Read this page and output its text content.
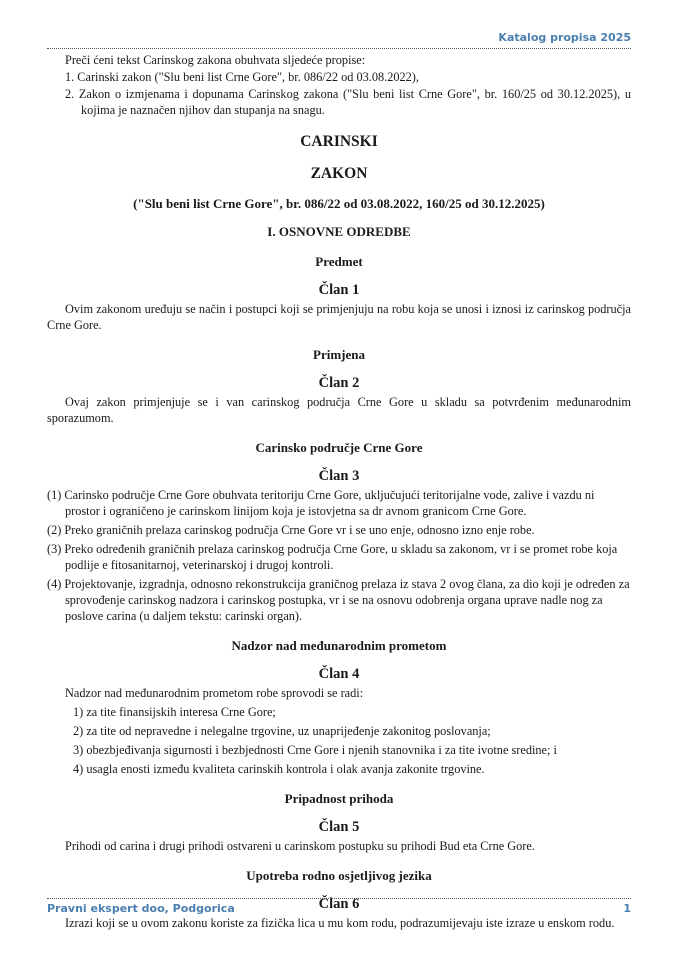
Katalog propisa 2025

Preči ćeni tekst Carinskog zakona obuhvata sljedeće propise:

1. Carinski zakon ("Slu beni list Crne Gore", br. 086/22 od 03.08.2022),

2. Zakon o izmjenama i dopunama Carinskog zakona ("Slu beni list Crne Gore", br. 160/25 od 30.12.2025), u kojima je naznačen njihov dan stupanja na snagu.

CARINSKI
ZAKON
("Slu beni list Crne Gore", br. 086/22 od 03.08.2022, 160/25 od 30.12.2025)
I. OSNOVNE ODREDBE
Predmet
Član 1

Ovim zakonom uređuju se način i postupci koji se primjenjuju na robu koja se unosi i iznosi iz carinskog područja Crne Gore.

Primjena
Član 2

Ovaj zakon primjenjuje se i van carinskog područja Crne Gore u skladu sa potvrđenim međunarodnim sporazumom.

Carinsko područje Crne Gore
Član 3

(1) Carinsko područje Crne Gore obuhvata teritoriju Crne Gore, uključujući teritorijalne vode, zalive i vazdu ni prostor i ograničeno je carinskom linijom koja je istovjetna sa dr avnom granicom Crne Gore.

(2) Preko graničnih prelaza carinskog područja Crne Gore vr i se uno enje, odnosno izno enje robe.

(3) Preko određenih graničnih prelaza carinskog područja Crne Gore, u skladu sa zakonom, vr i se promet robe koja podlije e fitosanitarnoj, veterinarskoj i drugoj kontroli.

(4) Projektovanje, izgradnja, odnosno rekonstrukcija graničnog prelaza iz stava 2 ovog člana, za dio koji je određen za sprovođenje carinskog nadzora i carinskog postupka, vr i se na osnovu odobrenja organa uprave nadle nog za poslove carina (u daljem tekstu: carinski organ).

Nadzor nad međunarodnim prometom
Član 4

Nadzor nad međunarodnim prometom robe sprovodi se radi:

1) za tite finansijskih interesa Crne Gore;

2) za tite od nepravedne i nelegalne trgovine, uz unaprijeđenje zakonitog poslovanja;

3) obezbjeđivanja sigurnosti i bezbjednosti Crne Gore i njenih stanovnika i za tite ivotne sredine; i

4) usagla enosti između kvaliteta carinskih kontrola i olak avanja zakonite trgovine.

Pripadnost prihoda
Član 5

Prihodi od carina i drugi prihodi ostvareni u carinskom postupku su prihodi Bud eta Crne Gore.

Upotreba rodno osjetljivog jezika
Član 6

Izrazi koji se u ovom zakonu koriste za fizička lica u mu kom rodu, podrazumijevaju iste izraze u enskom rodu.

Pravni ekspert doo, Podgorica	1
